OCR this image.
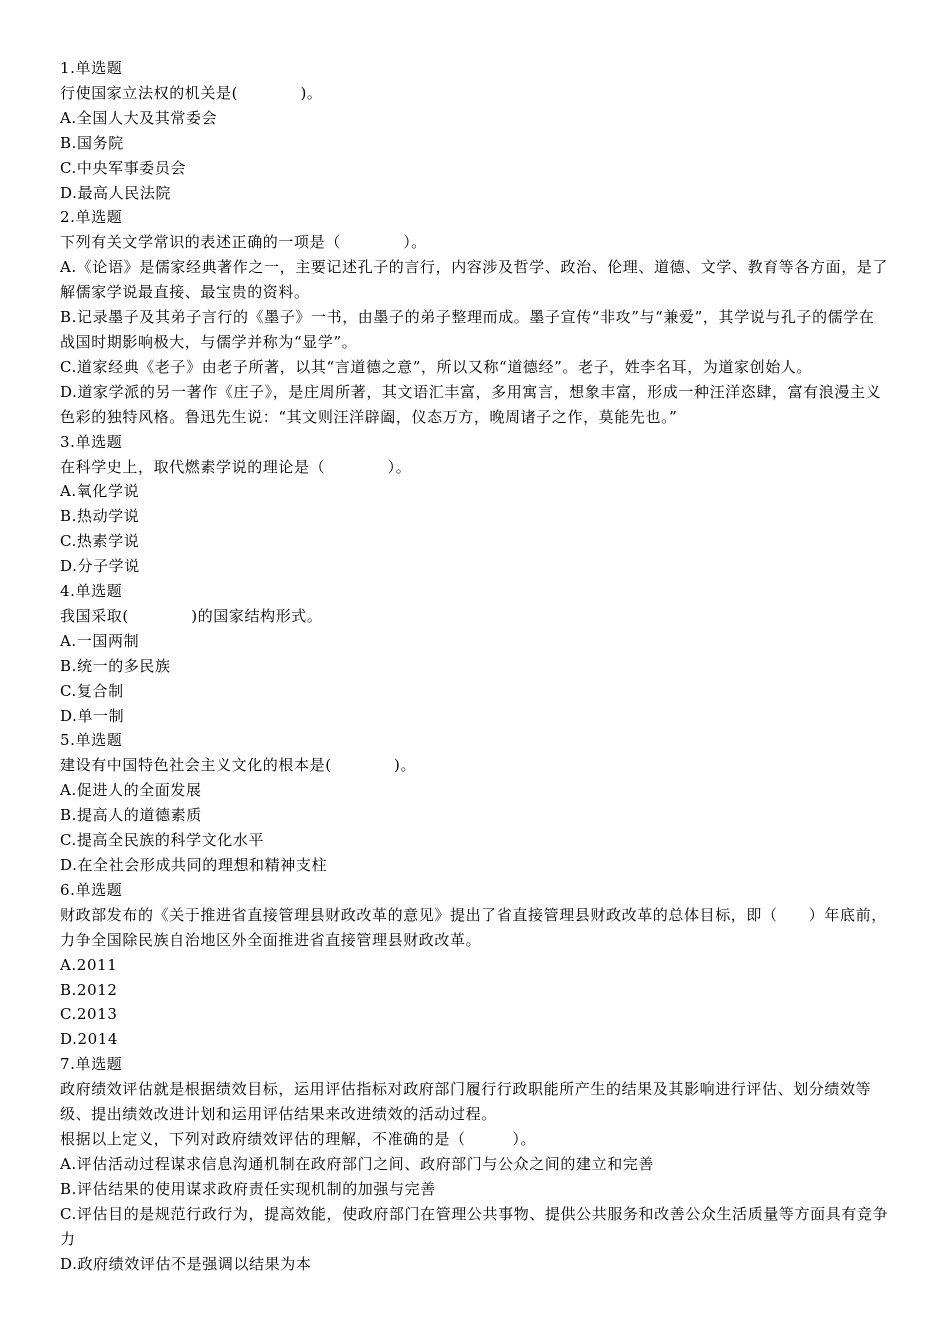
1.单选题
行使国家立法权的机关是(　　　　)。
A.全国人大及其常委会
B.国务院
C.中央军事委员会
D.最高人民法院
2.单选题
下列有关文学常识的表述正确的一项是（　　　　）。
A.《论语》是儒家经典著作之一，主要记述孔子的言行，内容涉及哲学、政治、伦理、道德、文学、教育等各方面，是了解儒家学说最直接、最宝贵的资料。
B.记录墨子及其弟子言行的《墨子》一书，由墨子的弟子整理而成。墨子宣传“非攻”与“兼爱”，其学说与孔子的儒学在战国时期影响极大，与儒学并称为“显学”。
C.道家经典《老子》由老子所著，以其“言道德之意”，所以又称“道德经”。老子，姓李名耳，为道家创始人。
D.道家学派的另一著作《庄子》，是庄周所著，其文语汇丰富，多用寓言，想象丰富，形成一种汪洋恣肆，富有浪漫主义色彩的独特风格。鲁迅先生说：“其文则汪洋辟阖，仪态万方，晚周诸子之作，莫能先也。”
3.单选题
在科学史上，取代燃素学说的理论是（　　　　）。
A.氧化学说
B.热动学说
C.热素学说
D.分子学说
4.单选题
我国采取(　　　　)的国家结构形式。
A.一国两制
B.统一的多民族
C.复合制
D.单一制
5.单选题
建设有中国特色社会主义文化的根本是(　　　　)。
A.促进人的全面发展
B.提高人的道德素质
C.提高全民族的科学文化水平
D.在全社会形成共同的理想和精神支柱
6.单选题
财政部发布的《关于推进省直接管理县财政改革的意见》提出了省直接管理县财政改革的总体目标，即（　　）年底前，力争全国除民族自治地区外全面推进省直接管理县财政改革。
A.2011
B.2012
C.2013
D.2014
7.单选题
政府绩效评估就是根据绩效目标，运用评估指标对政府部门履行行政职能所产生的结果及其影响进行评估、划分绩效等级、提出绩效改进计划和运用评估结果来改进绩效的活动过程。
根据以上定义，下列对政府绩效评估的理解，不准确的是（　　　）。
A.评估活动过程谋求信息沟通机制在政府部门之间、政府部门与公众之间的建立和完善
B.评估结果的使用谋求政府责任实现机制的加强与完善
C.评估目的是规范行政行为，提高效能，使政府部门在管理公共事物、提供公共服务和改善公众生活质量等方面具有竞争力
D.政府绩效评估不是强调以结果为本
